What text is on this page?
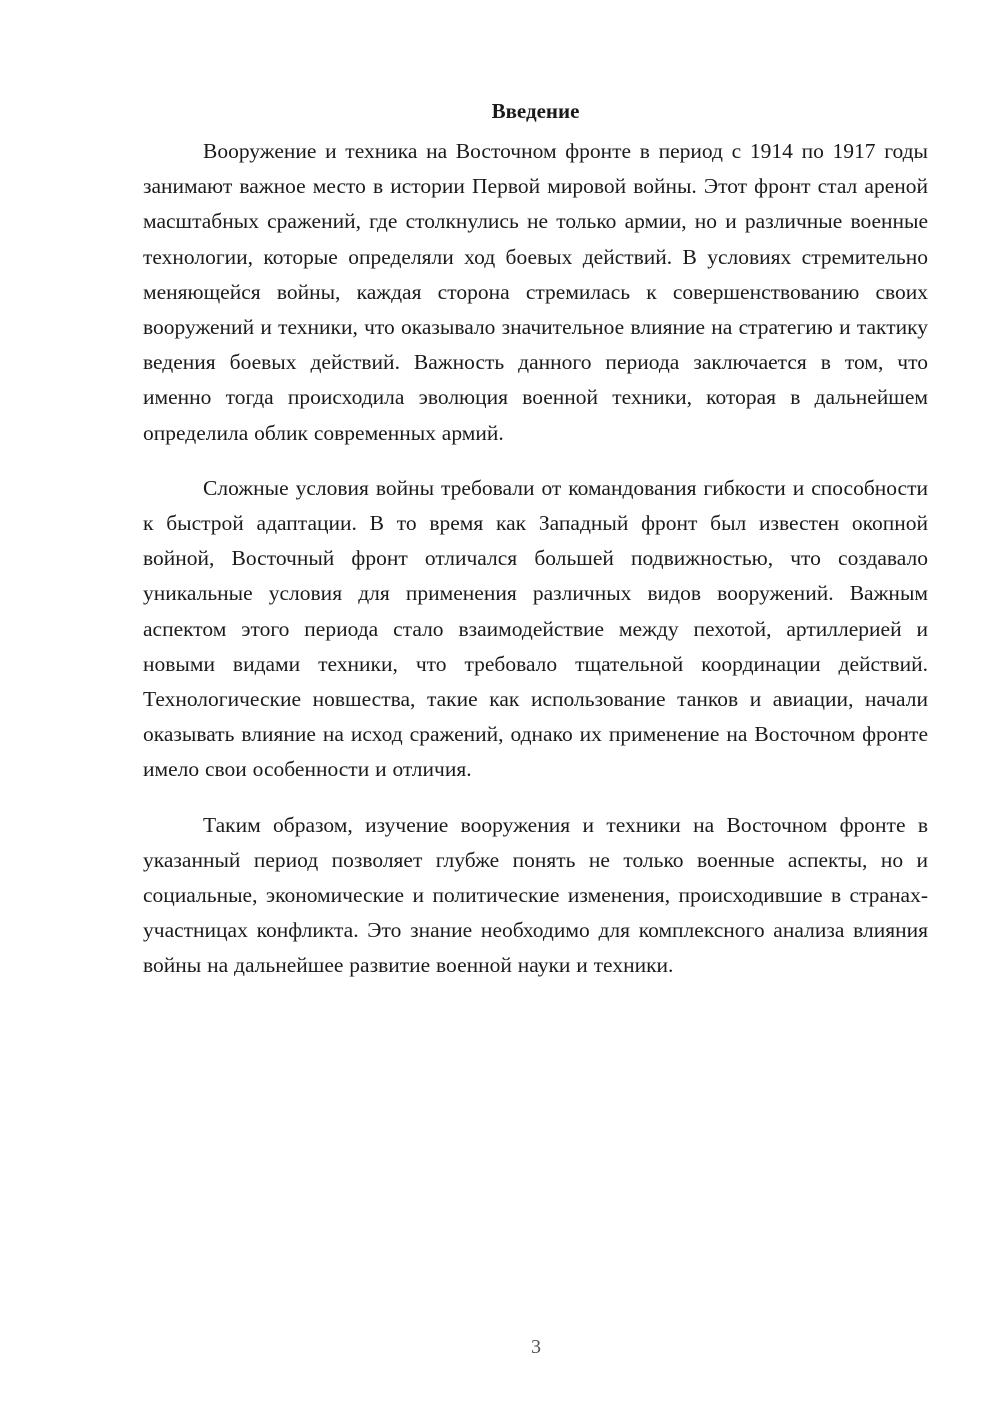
Введение

Вооружение и техника на Восточном фронте в период с 1914 по 1917 годы занимают важное место в истории Первой мировой войны. Этот фронт стал ареной масштабных сражений, где столкнулись не только армии, но и различные военные технологии, которые определяли ход боевых действий. В условиях стремительно меняющейся войны, каждая сторона стремилась к совершенствованию своих вооружений и техники, что оказывало значительное влияние на стратегию и тактику ведения боевых действий. Важность данного периода заключается в том, что именно тогда происходила эволюция военной техники, которая в дальнейшем определила облик современных армий.

Сложные условия войны требовали от командования гибкости и способности к быстрой адаптации. В то время как Западный фронт был известен окопной войной, Восточный фронт отличался большей подвижностью, что создавало уникальные условия для применения различных видов вооружений. Важным аспектом этого периода стало взаимодействие между пехотой, артиллерией и новыми видами техники, что требовало тщательной координации действий. Технологические новшества, такие как использование танков и авиации, начали оказывать влияние на исход сражений, однако их применение на Восточном фронте имело свои особенности и отличия.

Таким образом, изучение вооружения и техники на Восточном фронте в указанный период позволяет глубже понять не только военные аспекты, но и социальные, экономические и политические изменения, происходившие в странах-участницах конфликта. Это знание необходимо для комплексного анализа влияния войны на дальнейшее развитие военной науки и техники.

3
